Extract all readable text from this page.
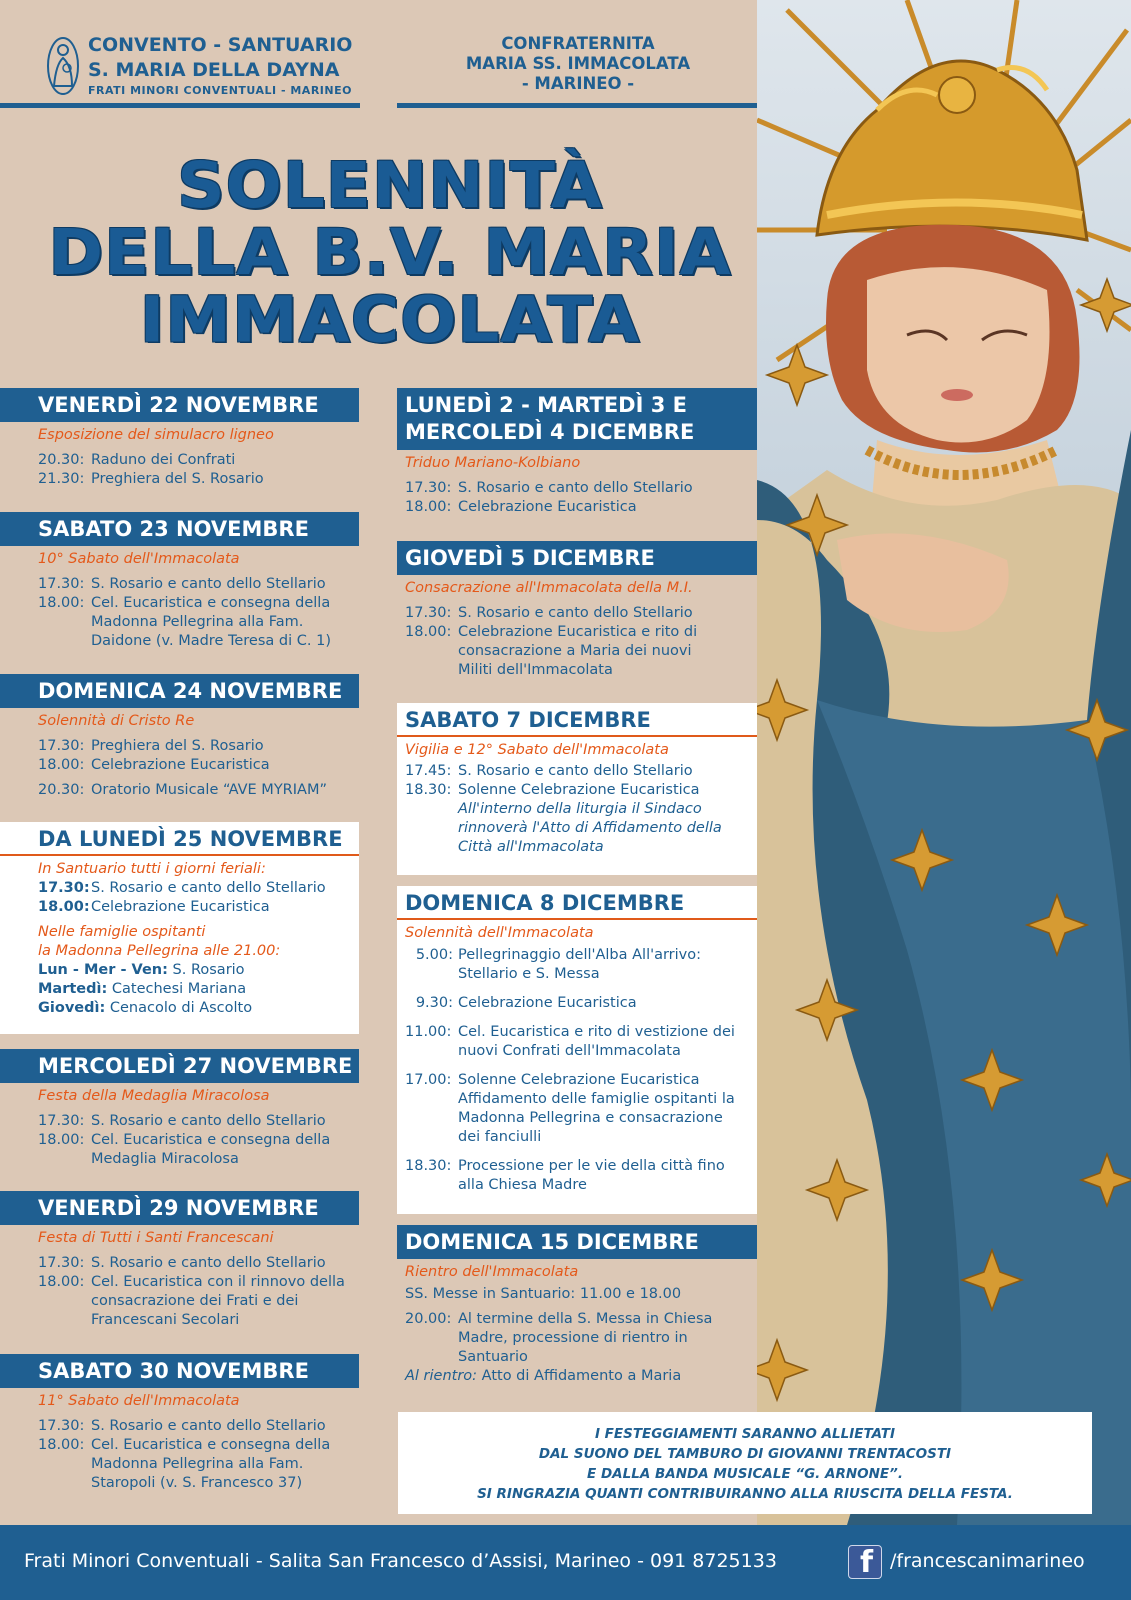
CONVENTO - SANTUARIO
S. MARIA DELLA DAYNA
FRATI MINORI CONVENTUALI - MARINEO
CONFRATERNITA
MARIA SS. IMMACOLATA
- MARINEO -
SOLENNITÀ
DELLA B.V. MARIA
IMMACOLATA
VENERDÌ 22 NOVEMBRE
Esposizione del simulacro ligneo
20.30: Raduno dei Confrati
21.30: Preghiera del S. Rosario
SABATO 23 NOVEMBRE
10° Sabato dell'Immacolata
17.30: S. Rosario e canto dello Stellario
18.00: Cel. Eucaristica e consegna della Madonna Pellegrina alla Fam. Daidone (v. Madre Teresa di C. 1)
DOMENICA 24 NOVEMBRE
Solennità di Cristo Re
17.30: Preghiera del S. Rosario
18.00: Celebrazione Eucaristica
20.30: Oratorio Musicale “AVE MYRIAM”
DA LUNEDÌ 25 NOVEMBRE
In Santuario tutti i giorni feriali:
17.30: S. Rosario e canto dello Stellario
18.00: Celebrazione Eucaristica
Nelle famiglie ospitanti
la Madonna Pellegrina alle 21.00:
Lun - Mer - Ven:
S. Rosario
Martedì:
Catechesi Mariana
Giovedì:
Cenacolo di Ascolto
MERCOLEDÌ 27 NOVEMBRE
Festa della Medaglia Miracolosa
17.30: S. Rosario e canto dello Stellario
18.00: Cel. Eucaristica e consegna della Medaglia Miracolosa
VENERDÌ 29 NOVEMBRE
Festa di Tutti i Santi Francescani
17.30: S. Rosario e canto dello Stellario
18.00: Cel. Eucaristica con il rinnovo della consacrazione dei Frati e dei Francescani Secolari
SABATO 30 NOVEMBRE
11° Sabato dell'Immacolata
17.30: S. Rosario e canto dello Stellario
18.00: Cel. Eucaristica e consegna della Madonna Pellegrina alla Fam. Staropoli (v. S. Francesco 37)
LUNEDÌ 2 - MARTEDÌ 3 E MERCOLEDÌ 4 DICEMBRE
Triduo Mariano-Kolbiano
17.30: S. Rosario e canto dello Stellario
18.00: Celebrazione Eucaristica
GIOVEDÌ 5 DICEMBRE
Consacrazione all'Immacolata della M.I.
17.30: S. Rosario e canto dello Stellario
18.00: Celebrazione Eucaristica e rito di consacrazione a Maria dei nuovi Militi dell'Immacolata
SABATO 7 DICEMBRE
Vigilia e 12° Sabato dell'Immacolata
17.45: S. Rosario e canto dello Stellario
18.30: Solenne Celebrazione Eucaristica
All'interno della liturgia il Sindaco rinnoverà l'Atto di Affidamento della Città all'Immacolata
DOMENICA 8 DICEMBRE
Solennità dell'Immacolata
5.00: Pellegrinaggio dell'Alba All'arrivo: Stellario e S. Messa
9.30: Celebrazione Eucaristica
11.00: Cel. Eucaristica e rito di vestizione dei nuovi Confrati dell'Immacolata
17.00: Solenne Celebrazione Eucaristica Affidamento delle famiglie ospitanti la Madonna Pellegrina e consacrazione dei fanciulli
18.30: Processione per le vie della città fino alla Chiesa Madre
DOMENICA 15 DICEMBRE
Rientro dell'Immacolata
SS. Messe in Santuario: 11.00 e 18.00
20.00: Al termine della S. Messa in Chiesa Madre, processione di rientro in Santuario
Al rientro:
Atto di Affidamento a Maria
I FESTEGGIAMENTI SARANNO ALLIETATI
DAL SUONO DEL TAMBURO DI GIOVANNI TRENTACOSTI
E DALLA BANDA MUSICALE “G. ARNONE”.
SI RINGRAZIA QUANTI CONTRIBUIRANNO ALLA RIUSCITA DELLA FESTA.
Frati Minori Conventuali - Salita San Francesco d’Assisi, Marineo - 091 8725133	f /francescanimarineo
